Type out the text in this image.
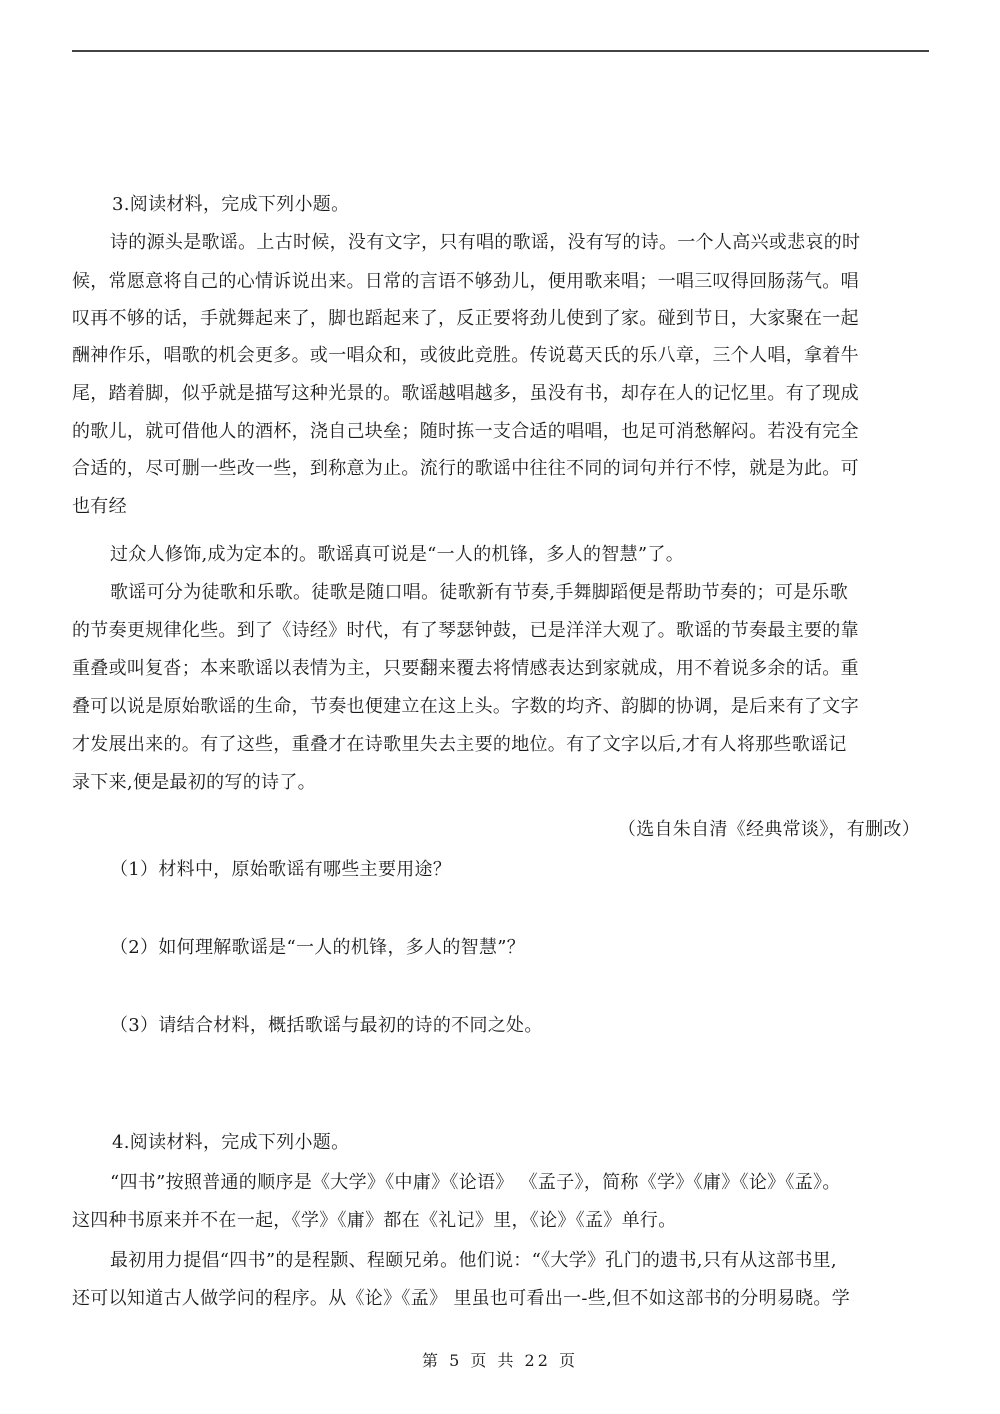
3.阅读材料，完成下列小题。
诗的源头是歌谣。上古时候，没有文字，只有唱的歌谣，没有写的诗。一个人高兴或悲哀的时
候，常愿意将自己的心情诉说出来。日常的言语不够劲儿，便用歌来唱；一唱三叹得回肠荡气。唱
叹再不够的话，手就舞起来了，脚也蹈起来了，反正要将劲儿使到了家。碰到节日，大家聚在一起
酬神作乐，唱歌的机会更多。或一唱众和，或彼此竞胜。传说葛天氏的乐八章，三个人唱，拿着牛
尾，踏着脚，似乎就是描写这种光景的。歌谣越唱越多，虽没有书，却存在人的记忆里。有了现成
的歌儿，就可借他人的酒杯，浇自己块垒；随时拣一支合适的唱唱，也足可消愁解闷。若没有完全
合适的，尽可删一些改一些，到称意为止。流行的歌谣中往往不同的词句并行不悖，就是为此。可
也有经
过众人修饰,成为定本的。歌谣真可说是“一人的机锋，多人的智慧”了。
歌谣可分为徒歌和乐歌。徒歌是随口唱。徒歌新有节奏,手舞脚蹈便是帮助节奏的；可是乐歌
的节奏更规律化些。到了《诗经》时代，有了琴瑟钟鼓，已是洋洋大观了。歌谣的节奏最主要的靠
重叠或叫复沓；本来歌谣以表情为主，只要翻来覆去将情感表达到家就成，用不着说多余的话。重
叠可以说是原始歌谣的生命，节奏也便建立在这上头。字数的均齐、韵脚的协调，是后来有了文字
才发展出来的。有了这些，重叠才在诗歌里失去主要的地位。有了文字以后,才有人将那些歌谣记
录下来,便是最初的写的诗了。
（选自朱自清《经典常谈》，有删改）
（1）材料中，原始歌谣有哪些主要用途？
（2）如何理解歌谣是“一人的机锋，多人的智慧”？
（3）请结合材料，概括歌谣与最初的诗的不同之处。
4.阅读材料，完成下列小题。
“四书”按照普通的顺序是《大学》《中庸》《论语》 《孟子》，简称《学》《庸》《论》《孟》。
这四种书原来并不在一起，《学》《庸》都在《礼记》里，《论》《孟》单行。
最初用力提倡“四书”的是程颢、程颐兄弟。他们说：“《大学》孔门的遗书,只有从这部书里,
还可以知道古人做学问的程序。从《论》《孟》 里虽也可看出一-些,但不如这部书的分明易晓。学
第 5 页 共 22 页
